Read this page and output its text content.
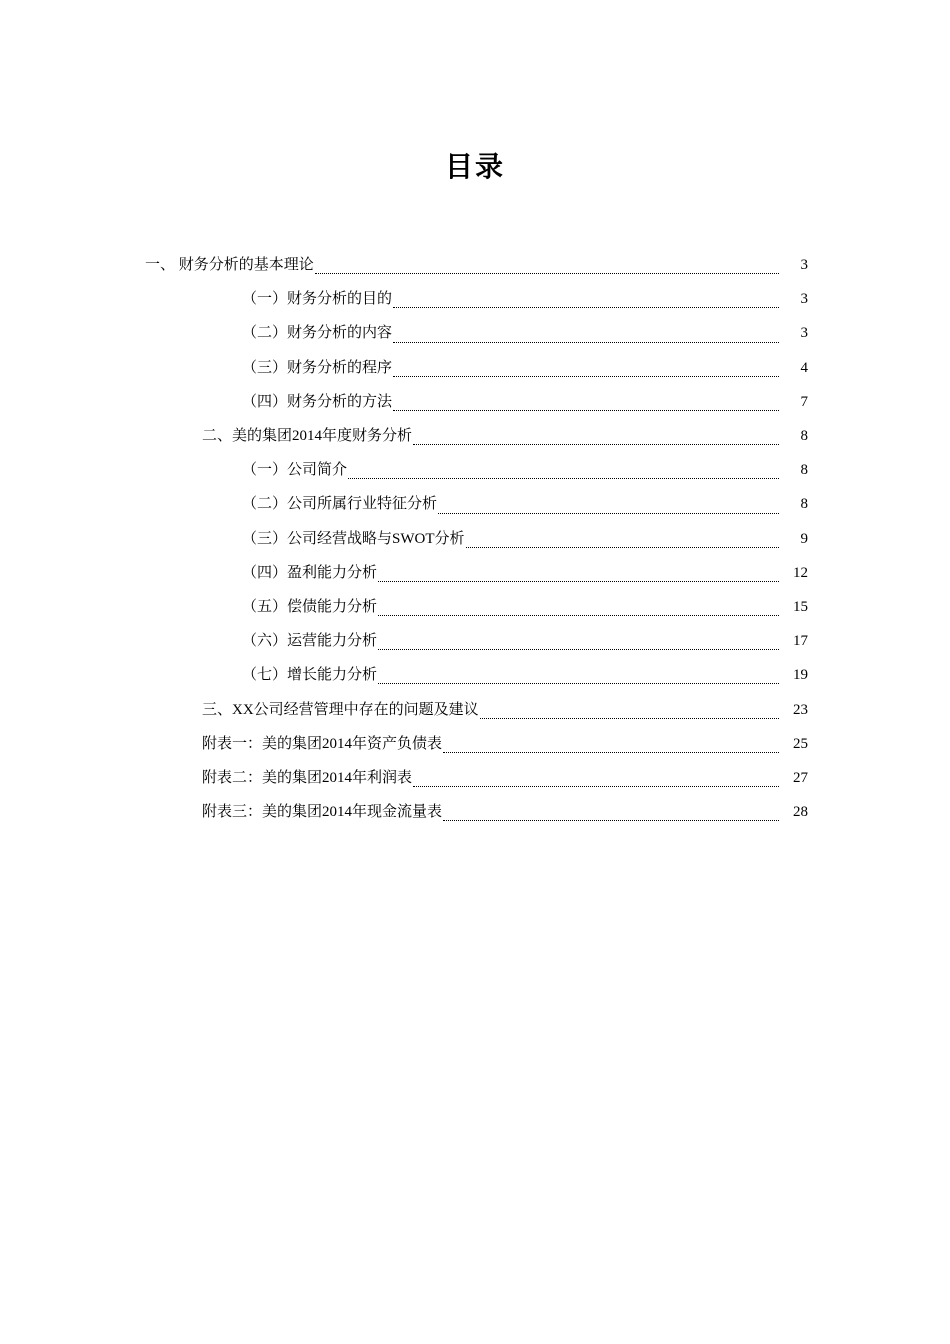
目录
一、 财务分析的基本理论	3
（一）财务分析的目的	3
（二）财务分析的内容	3
（三）财务分析的程序	4
（四）财务分析的方法	7
二、美的集团2014年度财务分析	8
（一）公司简介	8
（二）公司所属行业特征分析	8
（三）公司经营战略与SWOT分析	9
（四）盈利能力分析	12
（五）偿债能力分析	15
（六）运营能力分析	17
（七）增长能力分析	19
三、XX公司经营管理中存在的问题及建议	23
附表一：美的集团2014年资产负债表	25
附表二：美的集团2014年利润表	27
附表三：美的集团2014年现金流量表	28
